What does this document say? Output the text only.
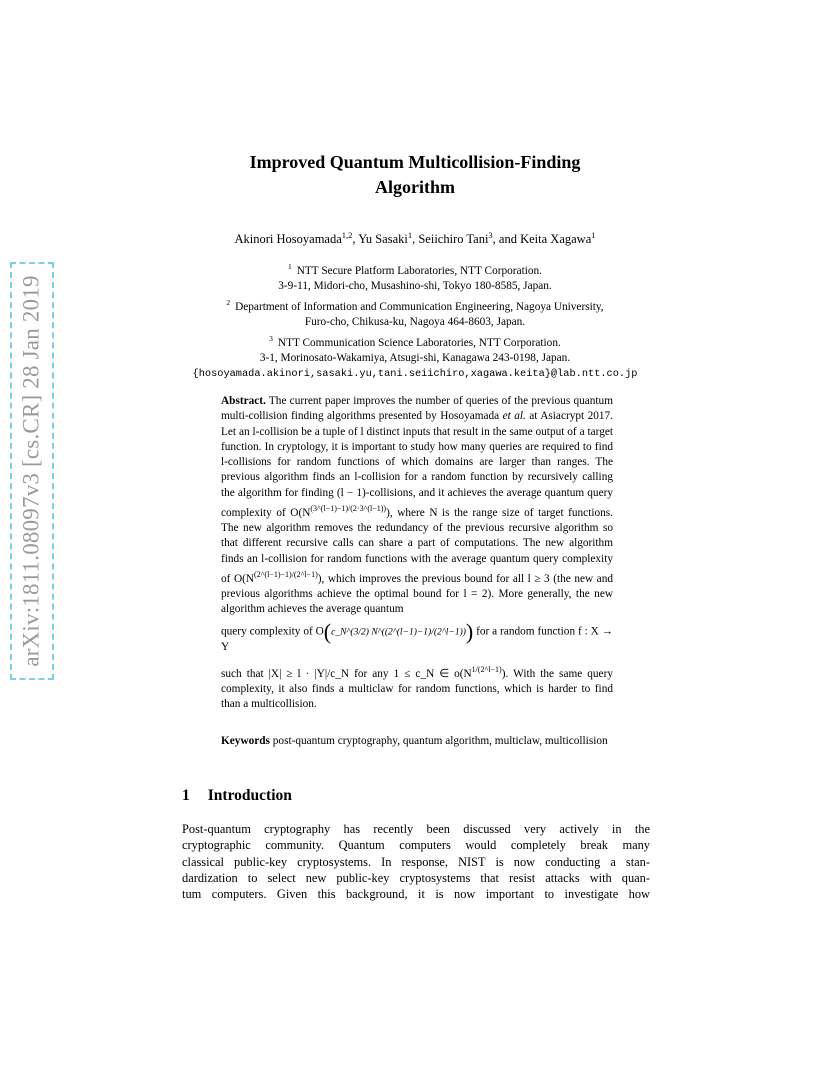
arXiv:1811.08097v3 [cs.CR] 28 Jan 2019
Improved Quantum Multicollision-Finding
Algorithm
Akinori Hosoyamada$^{1,2}$, Yu Sasaki$^1$, Seiichiro Tani$^3$, and Keita Xagawa$^1$
$^1$ NTT Secure Platform Laboratories, NTT Corporation.
3-9-11, Midori-cho, Musashino-shi, Tokyo 180-8585, Japan.
$^2$ Department of Information and Communication Engineering, Nagoya University,
Furo-cho, Chikusa-ku, Nagoya 464-8603, Japan.
$^3$ NTT Communication Science Laboratories, NTT Corporation.
3-1, Morinosato-Wakamiya, Atsugi-shi, Kanagawa 243-0198, Japan.
{hosoyamada.akinori,sasaki.yu,tani.seiichiro,xagawa.keita}@lab.ntt.co.jp
Abstract. The current paper improves the number of queries of the previous quantum multi-collision finding algorithms presented by Hosoyamada et al. at Asiacrypt 2017. Let an l-collision be a tuple of l distinct inputs that result in the same output of a target function. In cryptology, it is important to study how many queries are required to find l-collisions for random functions of which domains are larger than ranges. The previous algorithm finds an l-collision for a random function by recursively calling the algorithm for finding (l − 1)-collisions, and it achieves the average quantum query complexity of $O(N^{(3\^{}(l-1)-1)/(2\cdot 3\^{}(l-1))})$, where N is the range size of target functions. The new algorithm removes the redundancy of the previous recursive algorithm so that different recursive calls can share a part of computations. The new algorithm finds an l-collision for random functions with the average quantum query complexity of $O(N^{(2\^{}(l-1)-1)/(2\^{}l-1)})$, which improves the previous bound for all l ≥ 3 (the new and previous algorithms achieve the optimal bound for l = 2). More generally, the new algorithm achieves the average quantum
query complexity of O(c_N^(3/2) N^((2^(l−1)−1)/(2^l−1))) for a random function f : X → Y
such that |X| ≥ l · |Y|/c_N for any 1 ≤ c_N ∈ $o(N^{1/(2\^{}l-1)})$. With the same query complexity, it also finds a multiclaw for random functions, which is harder to find than a multicollision.
Keywords post-quantum cryptography, quantum algorithm, multiclaw, multicollision
1 Introduction
Post-quantum cryptography has recently been discussed very actively in the
cryptographic community. Quantum computers would completely break many
classical public-key cryptosystems. In response, NIST is now conducting a stan-
dardization to select new public-key cryptosystems that resist attacks with quan-
tum computers. Given this background, it is now important to investigate how
